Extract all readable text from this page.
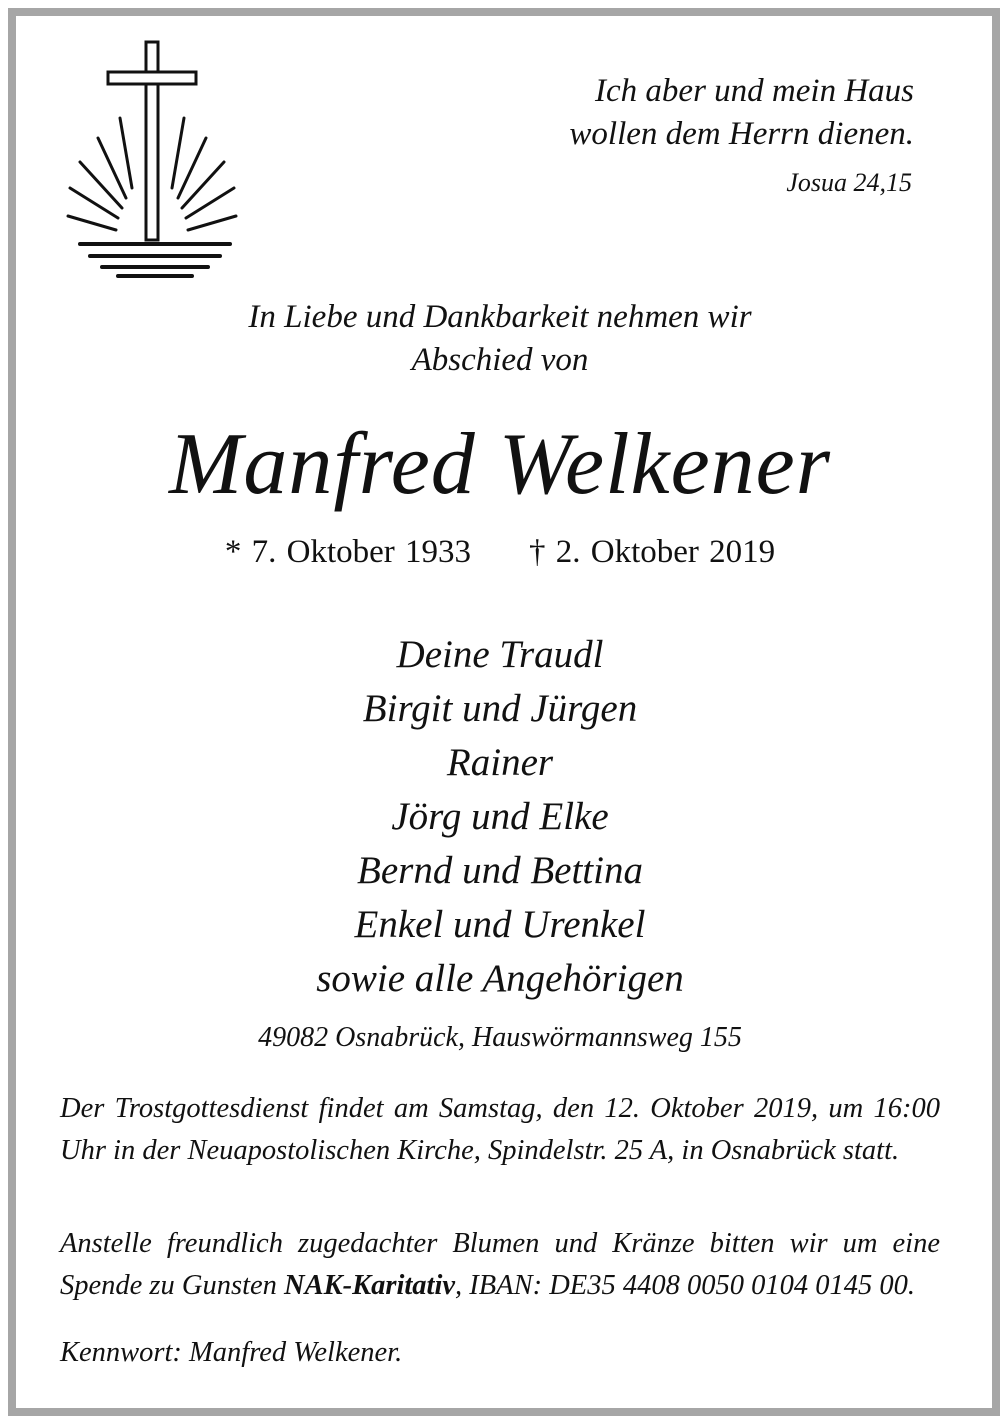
Ich aber und mein Haus
wollen dem Herrn dienen.
Josua 24,15
In Liebe und Dankbarkeit nehmen wir
Abschied von
Manfred Welkener
* 7. Oktober 1933 † 2. Oktober 2019
Deine Traudl
Birgit und Jürgen
Rainer
Jörg und Elke
Bernd und Bettina
Enkel und Urenkel
sowie alle Angehörigen
49082 Osnabrück, Hauswörmannsweg 155
Der Trostgottesdienst findet am Samstag, den 12. Oktober 2019, um 16:00 Uhr in der Neuapostolischen Kirche, Spindelstr. 25 A, in Osnabrück statt.
Anstelle freundlich zugedachter Blumen und Kränze bitten wir um eine Spende zu Gunsten NAK-Karitativ, IBAN: DE35 4408 0050 0104 0145 00.
Kennwort: Manfred Welkener.
